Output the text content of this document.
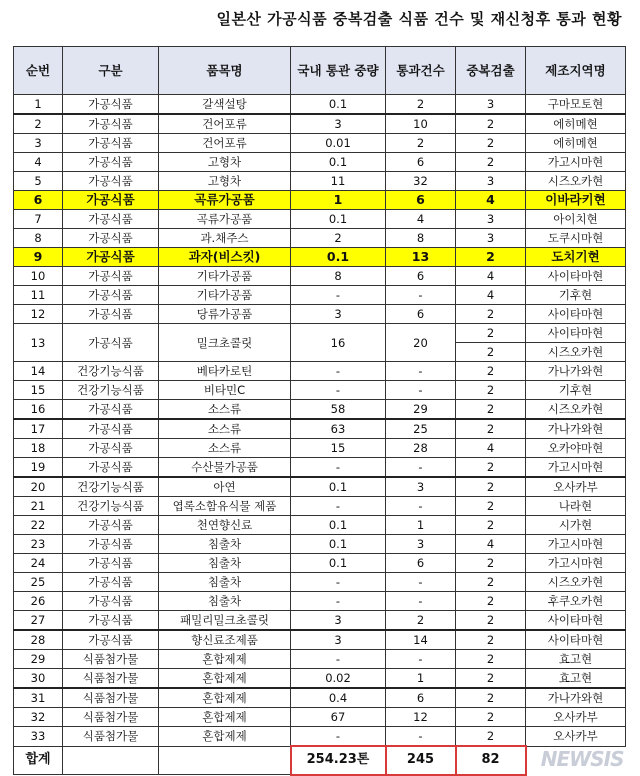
일본산 가공식품 중복검출 식품 건수 및 재신청후 통과 현황
순번	구분	품목명	국내 통관 중량	통과건수	중복검출	제조지역명
1	가공식품	갈색설탕	0.1	2	3	구마모토현
2	가공식품	건어포류	3	10	2	에히메현
3	가공식품	건어포류	0.01	2	2	에히메현
4	가공식품	고형차	0.1	6	2	가고시마현
5	가공식품	고형차	11	32	3	시즈오카현
6	가공식품	곡류가공품	1	6	4	이바라키현
7	가공식품	곡류가공품	0.1	4	3	아이치현
8	가공식품	과.채주스	2	8	3	도쿠시마현
9	가공식품	과자(비스킷)	0.1	13	2	도치기현
10	가공식품	기타가공품	8	6	4	사이타마현
11	가공식품	기타가공품	-	-	4	기후현
12	가공식품	당류가공품	3	6	2	사이타마현
13	가공식품	밀크초콜릿	16	20	2	사이타마현
					2	시즈오카현
14	건강기능식품	베타카로틴	-	-	2	가나가와현
15	건강기능식품	비타민C	-	-	2	기후현
16	가공식품	소스류	58	29	2	시즈오카현
17	가공식품	소스류	63	25	2	가나가와현
18	가공식품	소스류	15	28	4	오카야마현
19	가공식품	수산물가공품	-	-	2	가고시마현
20	건강기능식품	아연	0.1	3	2	오사카부
21	건강기능식품	엽록소함유식물 제품	-	-	2	나라현
22	가공식품	천연향신료	0.1	1	2	시가현
23	가공식품	침출차	0.1	3	4	가고시마현
24	가공식품	침출차	0.1	6	2	가고시마현
25	가공식품	침출차	-	-	2	시즈오카현
26	가공식품	침출차	-	-	2	후쿠오카현
27	가공식품	패밀리밀크초콜릿	3	2	2	사이타마현
28	가공식품	향신료조제품	3	14	2	사이타마현
29	식품첨가물	혼합제제	-	-	2	효고현
30	식품첨가물	혼합제제	0.02	1	2	효고현
31	식품첨가물	혼합제제	0.4	6	2	가나가와현
32	식품첨가물	혼합제제	67	12	2	오사카부
33	식품첨가물	혼합제제	-	-	2	오사카부
합계			254.23톤	245	82	NEWSIS
